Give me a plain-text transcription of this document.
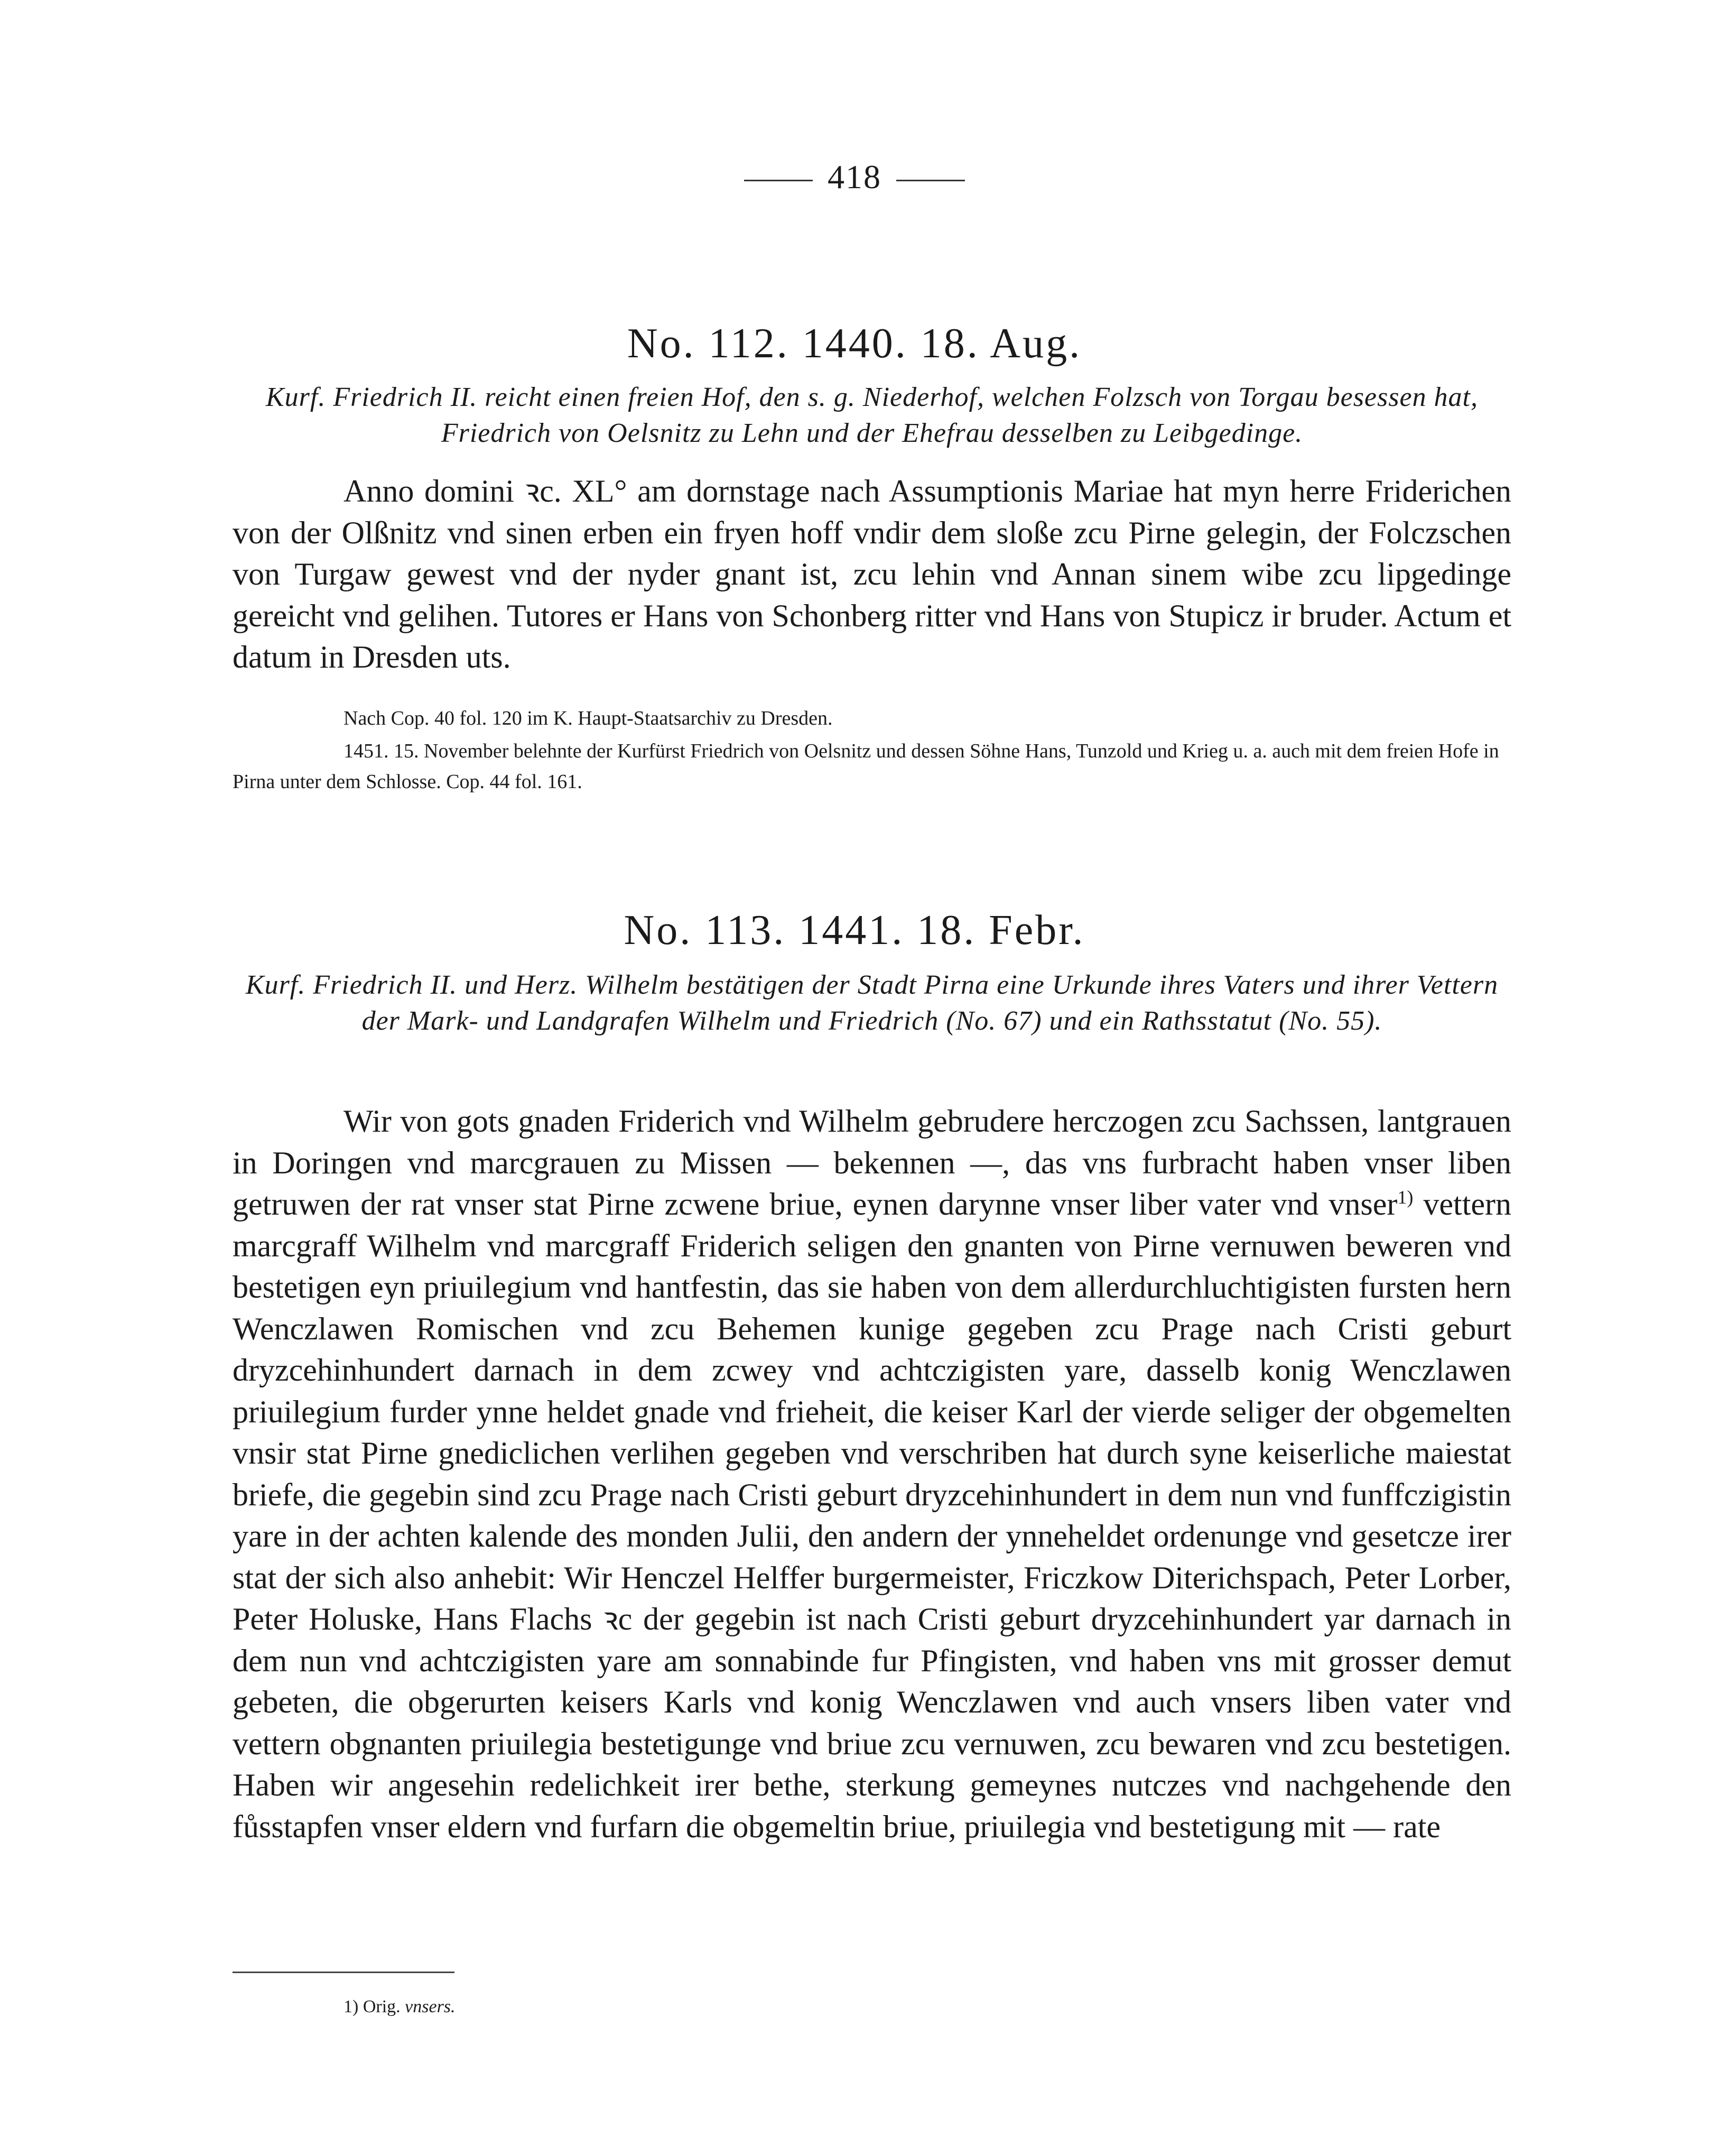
418
No. 112. 1440. 18. Aug.
Kurf. Friedrich II. reicht einen freien Hof, den s. g. Niederhof, welchen Folzsch von Torgau besessen hat, Friedrich von Oelsnitz zu Lehn und der Ehefrau desselben zu Leibgedinge.

Anno domini ꝛc. XL° am dornstage nach Assumptionis Mariae hat myn herre Friderichen von der Olßnitz vnd sinen erben ein fryen hoff vndir dem sloße zcu Pirne gelegin, der Folczschen von Turgaw gewest vnd der nyder gnant ist, zcu lehin vnd Annan sinem wibe zcu lipgedinge gereicht vnd gelihen. Tutores er Hans von Schonberg ritter vnd Hans von Stupicz ir bruder. Actum et datum in Dresden uts.

Nach Cop. 40 fol. 120 im K. Haupt-Staatsarchiv zu Dresden.

1451. 15. November belehnte der Kurfürst Friedrich von Oelsnitz und dessen Söhne Hans, Tunzold und Krieg u. a. auch mit dem freien Hofe in Pirna unter dem Schlosse. Cop. 44 fol. 161.

No. 113. 1441. 18. Febr.
Kurf. Friedrich II. und Herz. Wilhelm bestätigen der Stadt Pirna eine Urkunde ihres Vaters und ihrer Vettern der Mark- und Landgrafen Wilhelm und Friedrich (No. 67) und ein Rathsstatut (No. 55).

Wir von gots gnaden Friderich vnd Wilhelm gebrudere herczogen zcu Sachssen, lantgrauen in Doringen vnd marcgrauen zu Missen — bekennen —, das vns furbracht haben vnser liben getruwen der rat vnser stat Pirne zcwene briue, eynen darynne vnser liber vater vnd vnser$^{1)}$ vettern marcgraff Wilhelm vnd marcgraff Friderich seligen den gnanten von Pirne vernuwen beweren vnd bestetigen eyn priuilegium vnd hantfestin, das sie haben von dem allerdurchluchtigisten fursten hern Wenczlawen Romischen vnd zcu Behemen kunige gegeben zcu Prage nach Cristi geburt dryzcehinhundert darnach in dem zcwey vnd achtczigisten yare, dasselb konig Wenczlawen priuilegium furder ynne heldet gnade vnd frieheit, die keiser Karl der vierde seliger der obgemelten vnsir stat Pirne gnediclichen verlihen gegeben vnd verschriben hat durch syne keiserliche maiestat briefe, die gegebin sind zcu Prage nach Cristi geburt dryzcehinhundert in dem nun vnd funffczigistin yare in der achten kalende des monden Julii, den andern der ynneheldet ordenunge vnd gesetcze irer stat der sich also anhebit: Wir Henczel Helffer burgermeister, Friczkow Diterichspach, Peter Lorber, Peter Holuske, Hans Flachs ꝛc der gegebin ist nach Cristi geburt dryzcehinhundert yar darnach in dem nun vnd achtczigisten yare am sonnabinde fur Pfingisten, vnd haben vns mit grosser demut gebeten, die obgerurten keisers Karls vnd konig Wenczlawen vnd auch vnsers liben vater vnd vettern obgnanten priuilegia bestetigunge vnd briue zcu vernuwen, zcu bewaren vnd zcu bestetigen. Haben wir angesehin redelichkeit irer bethe, sterkung gemeynes nutczes vnd nachgehende den fůsstapfen vnser eldern vnd furfarn die obgemeltin briue, priuilegia vnd bestetigung mit — rate

1) Orig. vnsers.
